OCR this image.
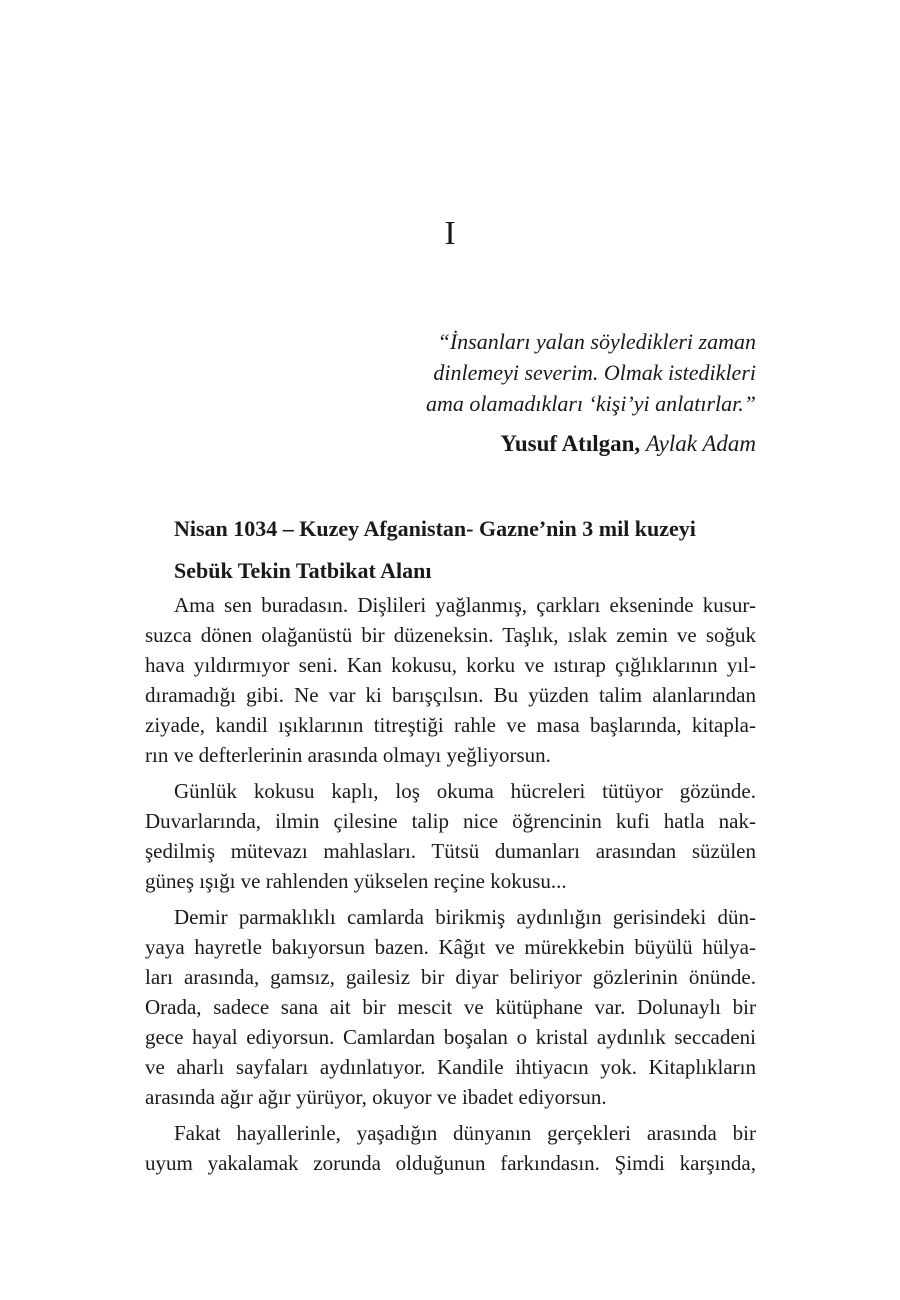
I
“İnsanları yalan söyledikleri zaman
dinlemeyi severim. Olmak istedikleri
ama olamadıkları ‘kişi’yi anlatırlar.”
Yusuf Atılgan, Aylak Adam
Nisan 1034 – Kuzey Afganistan- Gazne’nin 3 mil kuzeyi
Sebük Tekin Tatbikat Alanı
Ama sen buradasın. Dişlileri yağlanmış, çarkları ekseninde kusur-
suzca dönen olağanüstü bir düzeneksin. Taşlık, ıslak zemin ve soğuk
hava yıldırmıyor seni. Kan kokusu, korku ve ıstırap çığlıklarının yıl-
dıramadığı gibi. Ne var ki barışçılsın. Bu yüzden talim alanlarından
ziyade, kandil ışıklarının titreştiği rahle ve masa başlarında, kitapla-
rın ve defterlerinin arasında olmayı yeğliyorsun.
Günlük kokusu kaplı, loş okuma hücreleri tütüyor gözünde.
Duvarlarında, ilmin çilesine talip nice öğrencinin kufi hatla nak-
şedilmiş mütevazı mahlasları. Tütsü dumanları arasından süzülen
güneş ışığı ve rahlenden yükselen reçine kokusu...
Demir parmaklıklı camlarda birikmiş aydınlığın gerisindeki dün-
yaya hayretle bakıyorsun bazen. Kâğıt ve mürekkebin büyülü hülya-
ları arasında, gamsız, gailesiz bir diyar beliriyor gözlerinin önünde.
Orada, sadece sana ait bir mescit ve kütüphane var. Dolunaylı bir
gece hayal ediyorsun. Camlardan boşalan o kristal aydınlık seccadeni
ve aharlı sayfaları aydınlatıyor. Kandile ihtiyacın yok. Kitaplıkların
arasında ağır ağır yürüyor, okuyor ve ibadet ediyorsun.
Fakat hayallerinle, yaşadığın dünyanın gerçekleri arasında bir
uyum yakalamak zorunda olduğunun farkındasın. Şimdi karşında,
